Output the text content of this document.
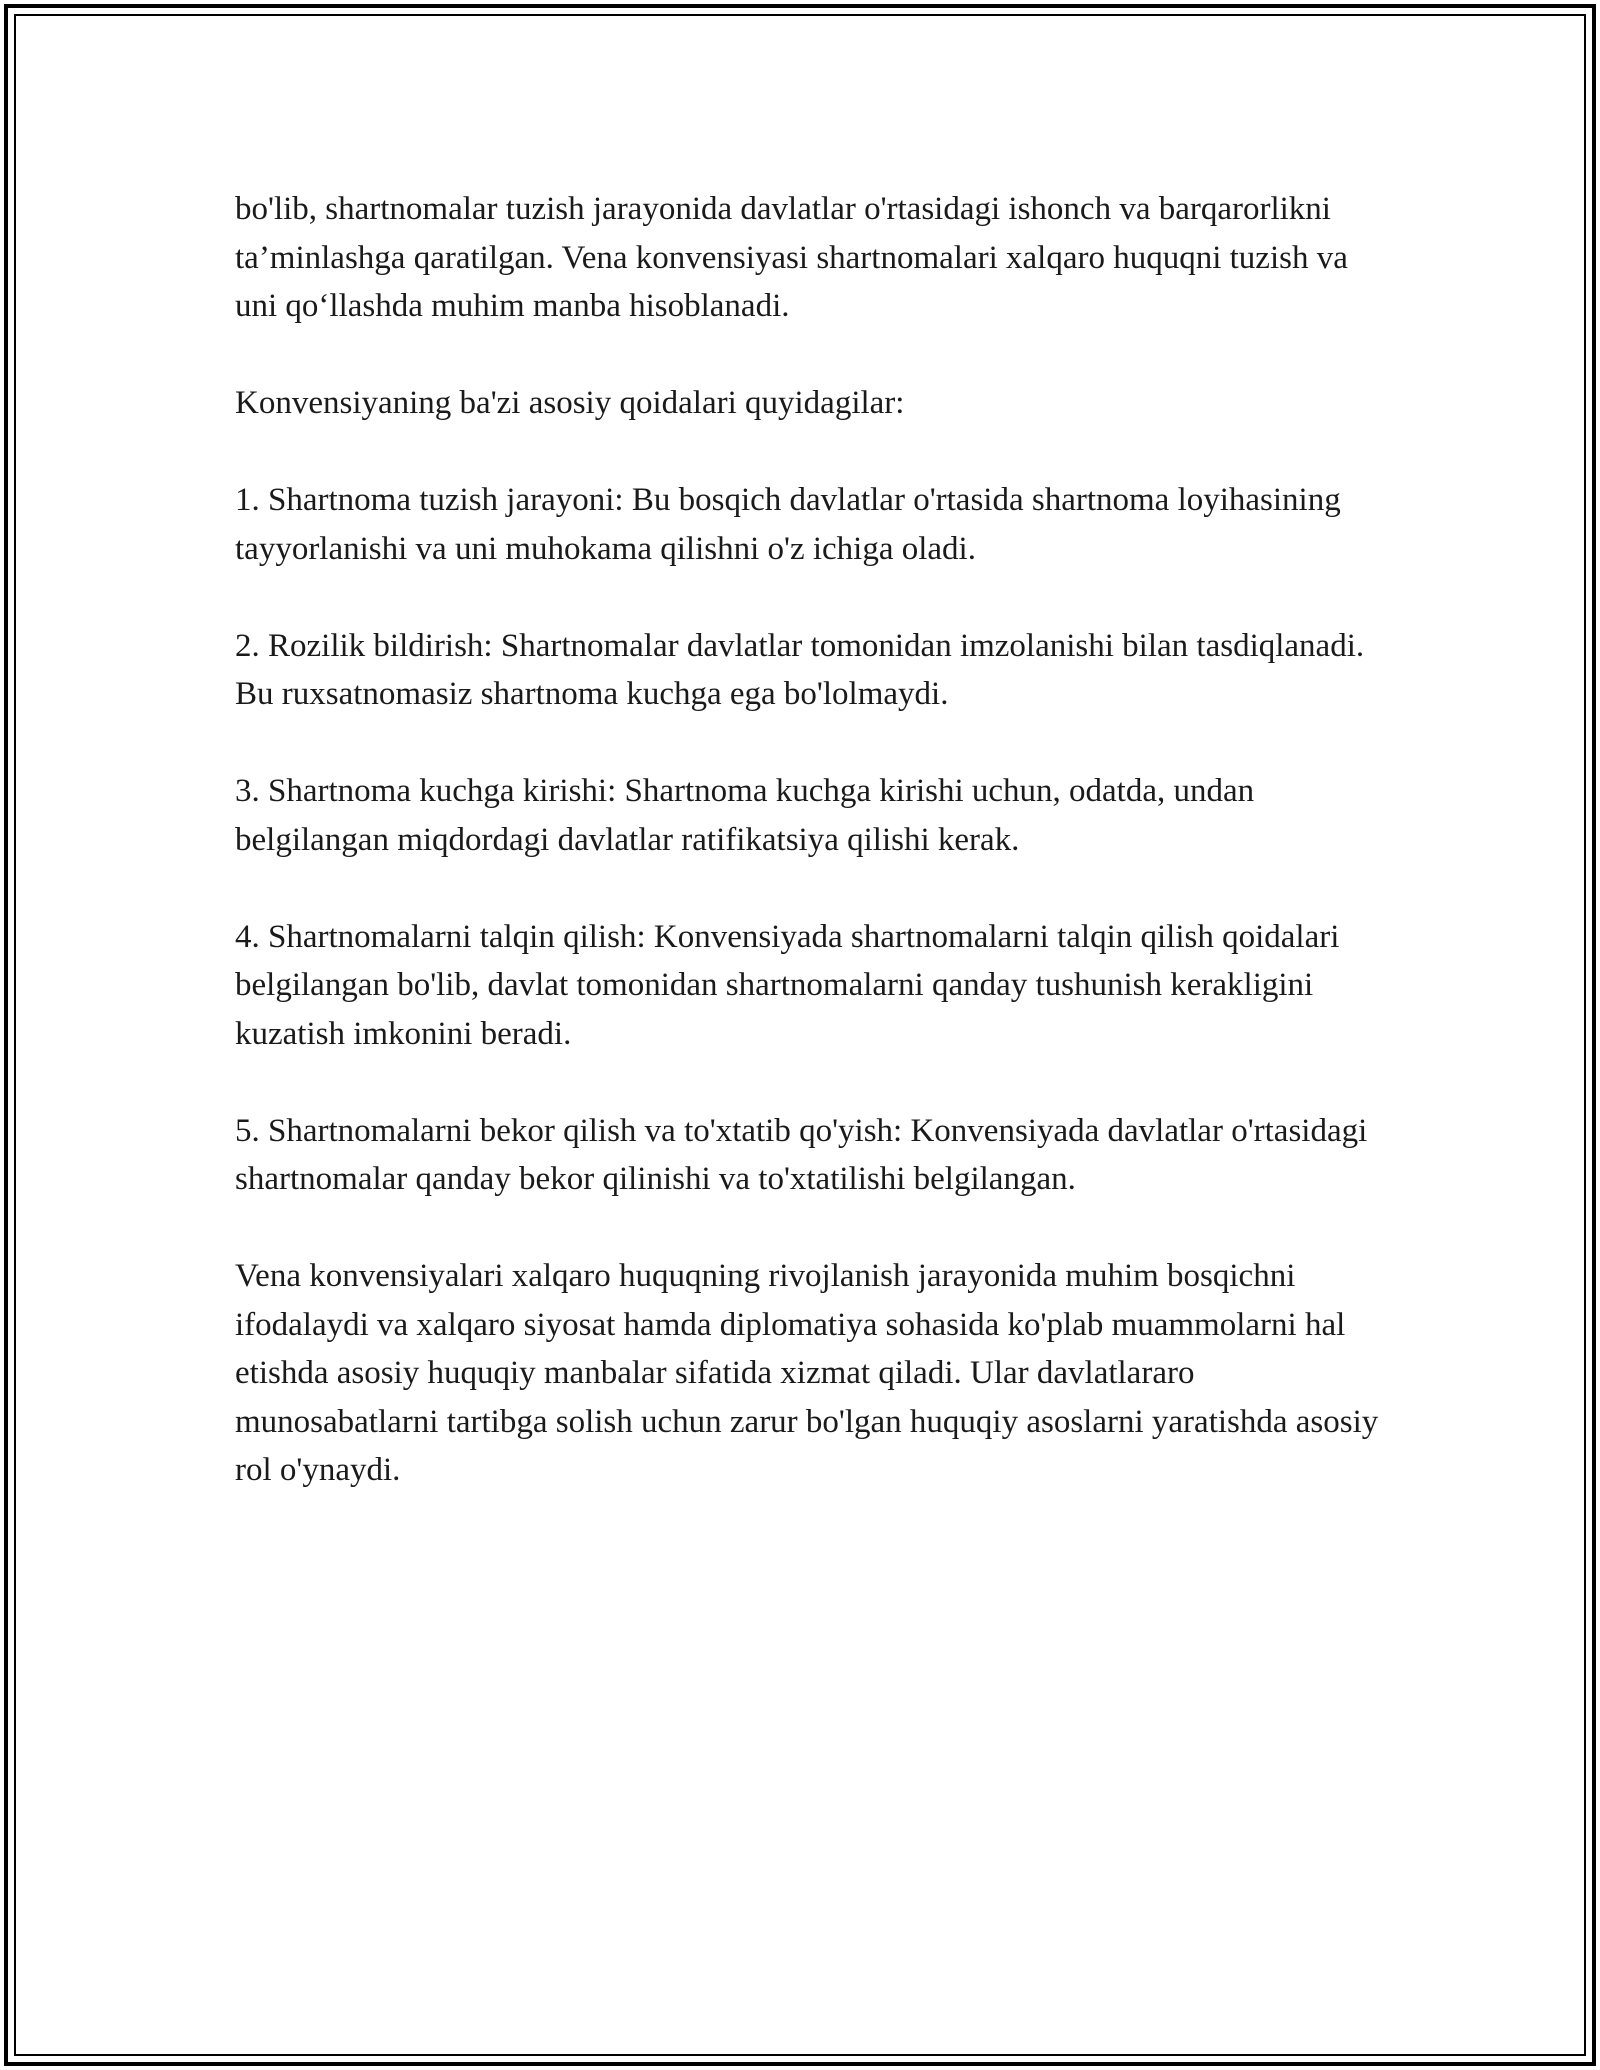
bo'lib, shartnomalar tuzish jarayonida davlatlar o'rtasidagi ishonch va barqarorlikni ta’minlashga qaratilgan. Vena konvensiyasi shartnomalari xalqaro huquqni tuzish va uni qo‘llashda muhim manba hisoblanadi.

Konvensiyaning ba'zi asosiy qoidalari quyidagilar:

1. Shartnoma tuzish jarayoni: Bu bosqich davlatlar o'rtasida shartnoma loyihasining tayyorlanishi va uni muhokama qilishni o'z ichiga oladi.

2. Rozilik bildirish: Shartnomalar davlatlar tomonidan imzolanishi bilan tasdiqlanadi. Bu ruxsatnomasiz shartnoma kuchga ega bo'lolmaydi.

3. Shartnoma kuchga kirishi: Shartnoma kuchga kirishi uchun, odatda, undan belgilangan miqdordagi davlatlar ratifikatsiya qilishi kerak.

4. Shartnomalarni talqin qilish: Konvensiyada shartnomalarni talqin qilish qoidalari belgilangan bo'lib, davlat tomonidan shartnomalarni qanday tushunish kerakligini kuzatish imkonini beradi.

5. Shartnomalarni bekor qilish va to'xtatib qo'yish: Konvensiyada davlatlar o'rtasidagi shartnomalar qanday bekor qilinishi va to'xtatilishi belgilangan.

Vena konvensiyalari xalqaro huquqning rivojlanish jarayonida muhim bosqichni ifodalaydi va xalqaro siyosat hamda diplomatiya sohasida ko'plab muammolarni hal etishda asosiy huquqiy manbalar sifatida xizmat qiladi. Ular davlatlararo munosabatlarni tartibga solish uchun zarur bo'lgan huquqiy asoslarni yaratishda asosiy rol o'ynaydi.
